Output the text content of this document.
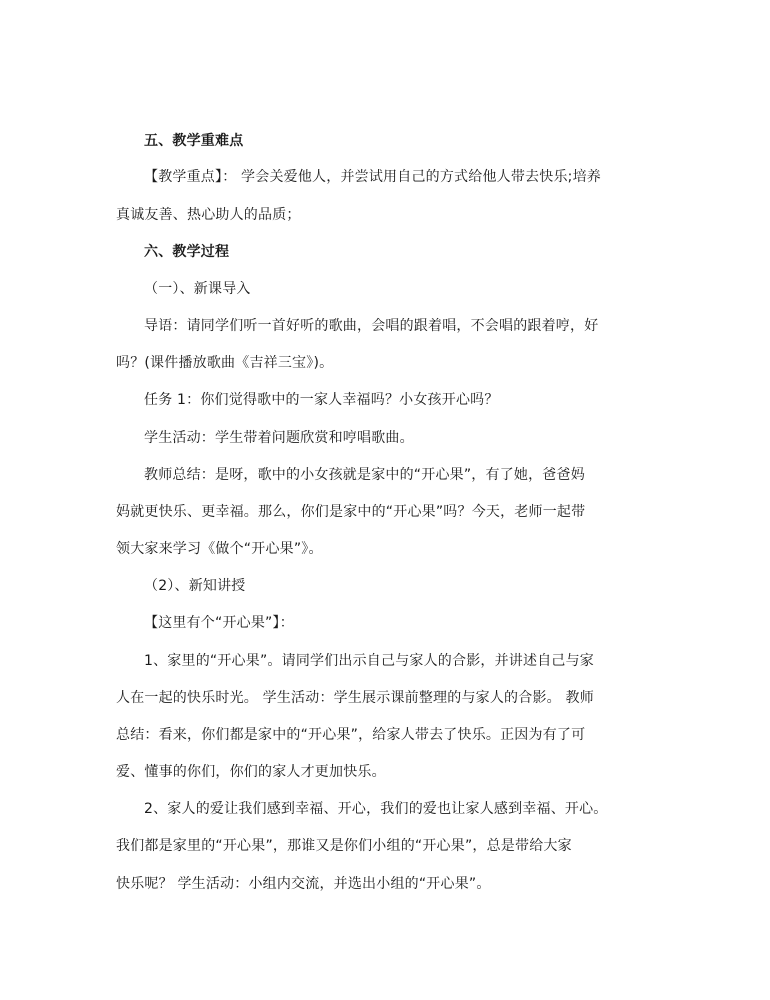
五、教学重难点
【教学重点】： 学会关爱他人，并尝试用自己的方式给他人带去快乐;培养
真诚友善、热心助人的品质；
六、教学过程
（一）、新课导入
导语：请同学们听一首好听的歌曲，会唱的跟着唱，不会唱的跟着哼，好
吗？(课件播放歌曲《吉祥三宝》)。
任务 1：你们觉得歌中的一家人幸福吗？小女孩开心吗？
学生活动：学生带着问题欣赏和哼唱歌曲。
教师总结：是呀，歌中的小女孩就是家中的“开心果”，有了她，爸爸妈
妈就更快乐、更幸福。那么，你们是家中的“开心果”吗？今天，老师一起带
领大家来学习《做个“开心果”》。
（2）、新知讲授
【这里有个“开心果”】：
1、家里的“开心果”。请同学们出示自己与家人的合影，并讲述自己与家
人在一起的快乐时光。 学生活动：学生展示课前整理的与家人的合影。 教师
总结：看来，你们都是家中的“开心果”，给家人带去了快乐。正因为有了可
爱、懂事的你们，你们的家人才更加快乐。
2、家人的爱让我们感到幸福、开心，我们的爱也让家人感到幸福、开心。
我们都是家里的“开心果”，那谁又是你们小组的“开心果”，总是带给大家
快乐呢？ 学生活动：小组内交流，并选出小组的“开心果”。
